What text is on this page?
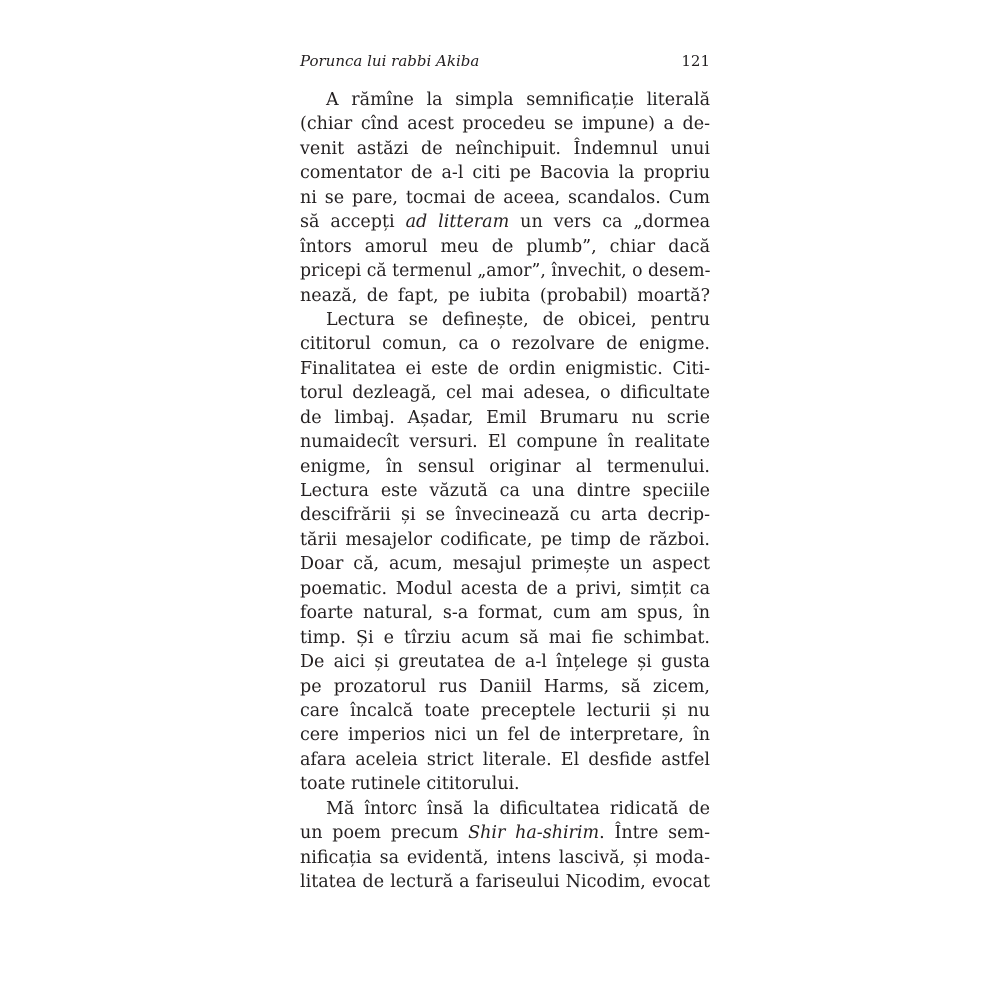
Porunca lui rabbi Akiba	121
A rămîne la simpla semnificație literală
(chiar cînd acest procedeu se impune) a de-
venit astăzi de neînchipuit. Îndemnul unui
comentator de a-l citi pe Bacovia la propriu
ni se pare, tocmai de aceea, scandalos. Cum
să accepți ad litteram un vers ca „dormea
întors amorul meu de plumb”, chiar dacă
pricepi că termenul „amor”, învechit, o desem-
nează, de fapt, pe iubita (probabil) moartă?
Lectura se definește, de obicei, pentru
cititorul comun, ca o rezolvare de enigme.
Finalitatea ei este de ordin enigmistic. Citi-
torul dezleagă, cel mai adesea, o dificultate
de limbaj. Așadar, Emil Brumaru nu scrie
numaidecît versuri. El compune în realitate
enigme, în sensul originar al termenului.
Lectura este văzută ca una dintre speciile
descifrării și se învecinează cu arta decrip-
tării mesajelor codificate, pe timp de război.
Doar că, acum, mesajul primește un aspect
poematic. Modul acesta de a privi, simțit ca
foarte natural, s-a format, cum am spus, în
timp. Și e tîrziu acum să mai fie schimbat.
De aici și greutatea de a-l înțelege și gusta
pe prozatorul rus Daniil Harms, să zicem,
care încalcă toate preceptele lecturii și nu
cere imperios nici un fel de interpretare, în
afara aceleia strict literale. El desfide astfel
toate rutinele cititorului.
Mă întorc însă la dificultatea ridicată de
un poem precum Shir ha-shirim. Între sem-
nificația sa evidentă, intens lascivă, și moda-
litatea de lectură a fariseului Nicodim, evocat
